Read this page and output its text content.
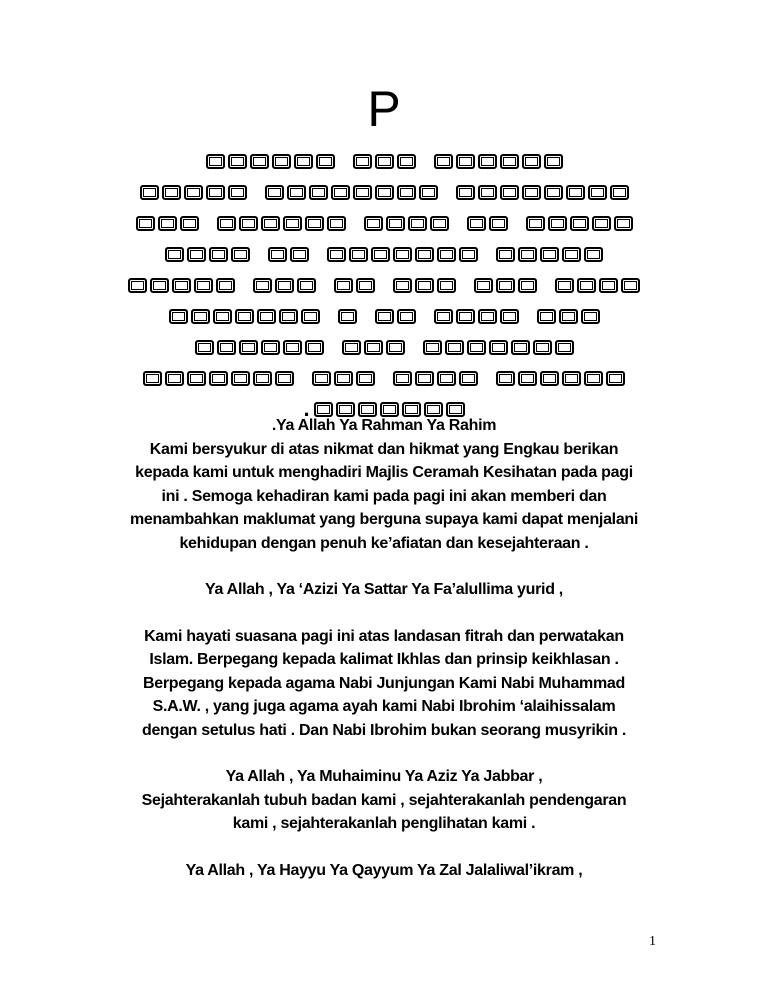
P
.

.Ya Allah Ya Rahman Ya Rahim

Kami bersyukur di atas nikmat dan hikmat yang Engkau berikan

kepada kami untuk menghadiri Majlis Ceramah Kesihatan pada pagi

ini . Semoga kehadiran kami pada pagi ini akan memberi dan

menambahkan maklumat yang berguna supaya kami dapat menjalani

kehidupan dengan penuh ke’afiatan dan kesejahteraan .

Ya Allah , Ya ‘Azizi Ya Sattar Ya Fa’alullima yurid ,

Kami hayati suasana pagi ini atas landasan fitrah dan perwatakan

Islam. Berpegang kepada kalimat Ikhlas dan prinsip keikhlasan .

Berpegang kepada agama Nabi Junjungan Kami Nabi Muhammad

S.A.W. , yang juga agama ayah kami Nabi Ibrohim ‘alaihissalam

dengan setulus hati . Dan Nabi Ibrohim bukan seorang musyrikin .

Ya Allah , Ya Muhaiminu Ya Aziz Ya Jabbar ,

Sejahterakanlah tubuh badan kami , sejahterakanlah pendengaran

kami , sejahterakanlah penglihatan kami .

Ya Allah , Ya Hayyu Ya Qayyum Ya Zal Jalaliwal’ikram ,

1
